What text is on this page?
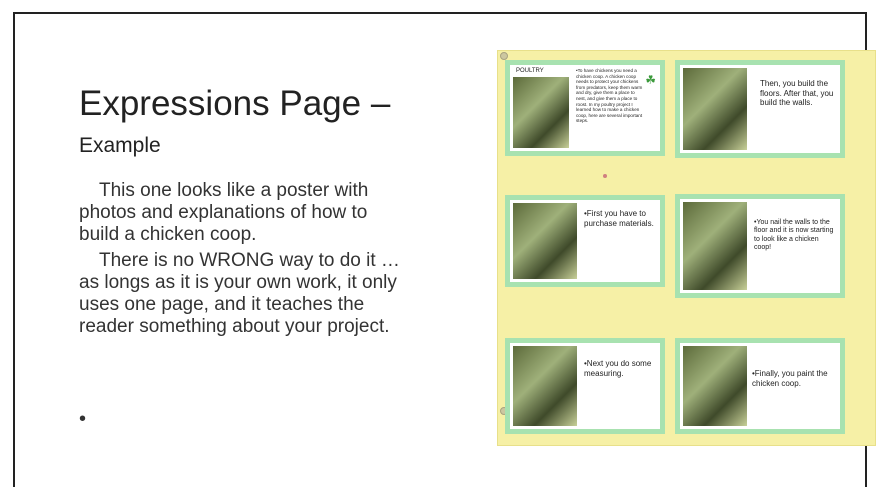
Expressions Page –
Example
This one looks like a poster with photos and explanations of how to build a chicken coop.
There is no WRONG way to do it … as longs as it is your own work, it only uses one page, and it teaches the reader something about your project.
•
POULTRY	•To have chickens you need a chicken coop. A chicken coop needs to protect your chickens from predators, keep them warm and dry, give them a place to nest, and give them a place to roost. In my poultry project I learned how to make a chicken coop, here are several important steps.
☘	Then, you build the floors. After that, you build the walls.
•First you have to purchase materials.	•You nail the walls to the floor and it is now starting to look like a chicken coop!
•Next you do some measuring.	•Finally, you paint the chicken coop.
